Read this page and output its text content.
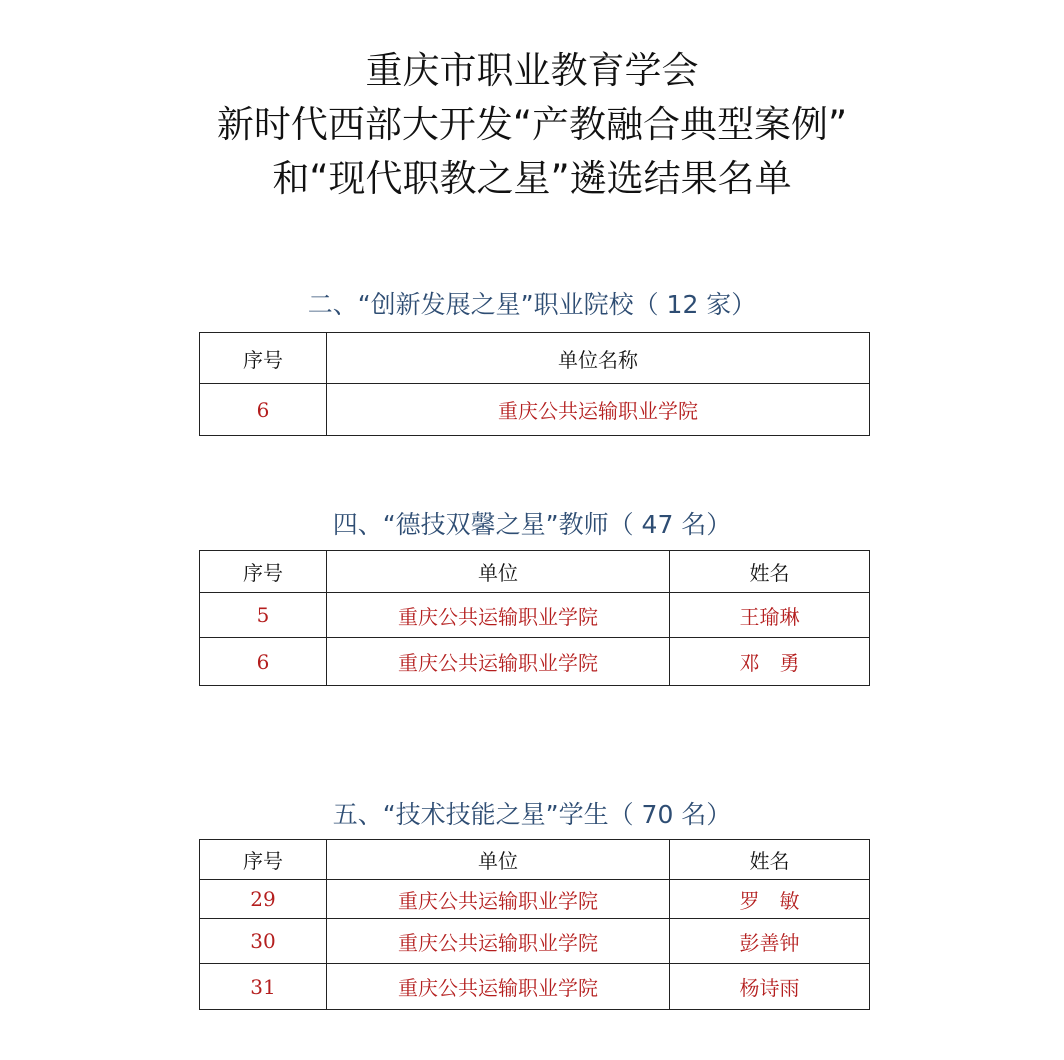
重庆市职业教育学会
新时代西部大开发“产教融合典型案例”
和“现代职教之星”遴选结果名单
二、“创新发展之星”职业院校（ 12 家）
序号	单位名称
6	重庆公共运输职业学院
四、“德技双馨之星”教师（ 47 名）
序号	单位	姓名
5	重庆公共运输职业学院	王瑜琳
6	重庆公共运输职业学院	邓　勇
五、“技术技能之星”学生（ 70 名）
序号	单位	姓名
29	重庆公共运输职业学院	罗　敏
30	重庆公共运输职业学院	彭善钟
31	重庆公共运输职业学院	杨诗雨
